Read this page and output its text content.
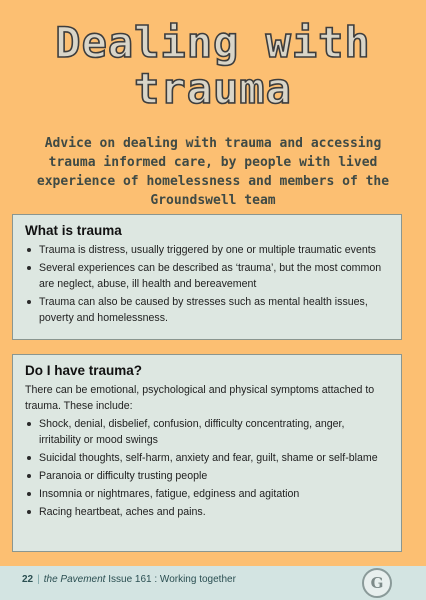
Dealing with
trauma
Advice on dealing with trauma and accessing trauma informed care, by people with lived experience of homelessness and members of the Groundswell team
What is trauma
Trauma is distress, usually triggered by one or multiple traumatic events
Several experiences can be described as ‘trauma’, but the most common are neglect, abuse, ill health and bereavement
Trauma can also be caused by stresses such as mental health issues, poverty and homelessness.
Do I have trauma?

There can be emotional, psychological and physical symptoms attached to trauma. These include:

Shock, denial, disbelief, confusion, difficulty concentrating, anger, irritability or mood swings
Suicidal thoughts, self-harm, anxiety and fear, guilt, shame or self-blame
Paranoia or difficulty trusting people
Insomnia or nightmares, fatigue, edginess and agitation
Racing heartbeat, aches and pains.
22 | the Pavement Issue 161 : Working together	G
